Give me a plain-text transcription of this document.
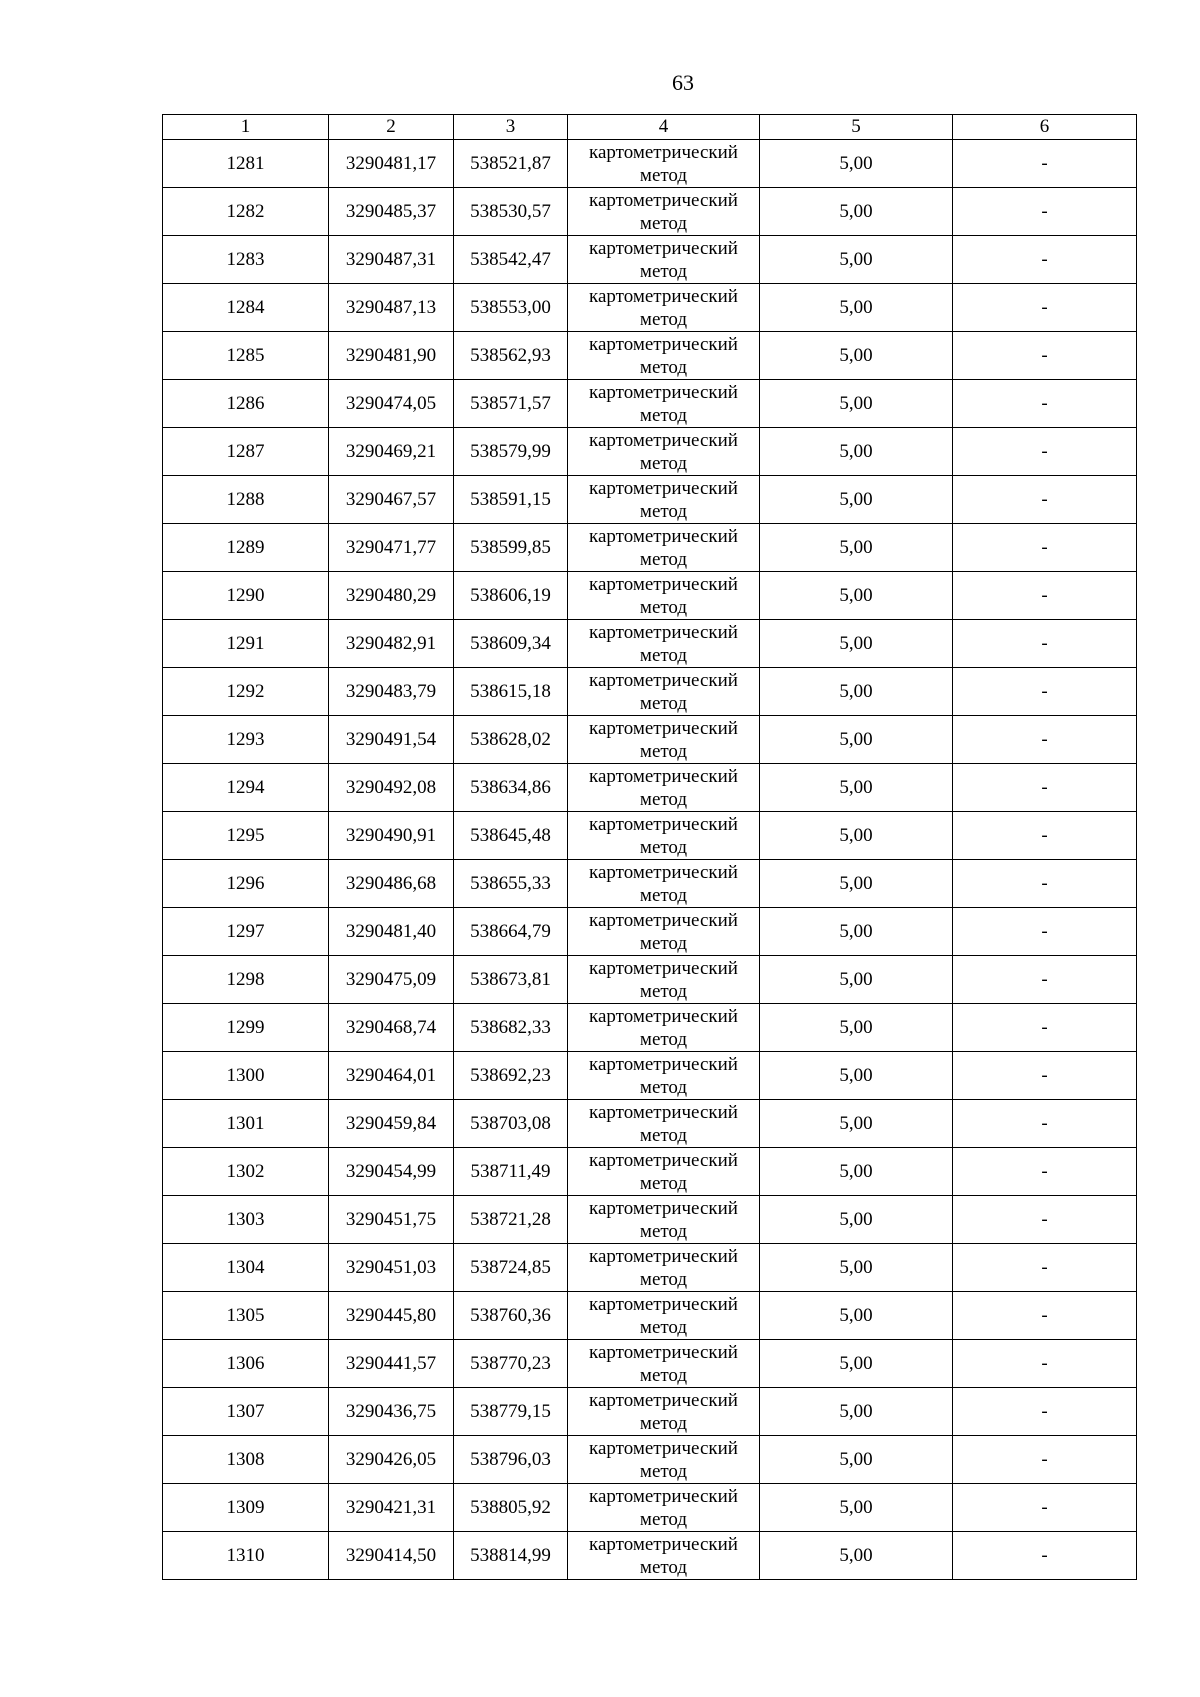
63
1	2	3	4	5	6
1281	3290481,17	538521,87	картометрический метод	5,00	-
1282	3290485,37	538530,57	картометрический метод	5,00	-
1283	3290487,31	538542,47	картометрический метод	5,00	-
1284	3290487,13	538553,00	картометрический метод	5,00	-
1285	3290481,90	538562,93	картометрический метод	5,00	-
1286	3290474,05	538571,57	картометрический метод	5,00	-
1287	3290469,21	538579,99	картометрический метод	5,00	-
1288	3290467,57	538591,15	картометрический метод	5,00	-
1289	3290471,77	538599,85	картометрический метод	5,00	-
1290	3290480,29	538606,19	картометрический метод	5,00	-
1291	3290482,91	538609,34	картометрический метод	5,00	-
1292	3290483,79	538615,18	картометрический метод	5,00	-
1293	3290491,54	538628,02	картометрический метод	5,00	-
1294	3290492,08	538634,86	картометрический метод	5,00	-
1295	3290490,91	538645,48	картометрический метод	5,00	-
1296	3290486,68	538655,33	картометрический метод	5,00	-
1297	3290481,40	538664,79	картометрический метод	5,00	-
1298	3290475,09	538673,81	картометрический метод	5,00	-
1299	3290468,74	538682,33	картометрический метод	5,00	-
1300	3290464,01	538692,23	картометрический метод	5,00	-
1301	3290459,84	538703,08	картометрический метод	5,00	-
1302	3290454,99	538711,49	картометрический метод	5,00	-
1303	3290451,75	538721,28	картометрический метод	5,00	-
1304	3290451,03	538724,85	картометрический метод	5,00	-
1305	3290445,80	538760,36	картометрический метод	5,00	-
1306	3290441,57	538770,23	картометрический метод	5,00	-
1307	3290436,75	538779,15	картометрический метод	5,00	-
1308	3290426,05	538796,03	картометрический метод	5,00	-
1309	3290421,31	538805,92	картометрический метод	5,00	-
1310	3290414,50	538814,99	картометрический метод	5,00	-
